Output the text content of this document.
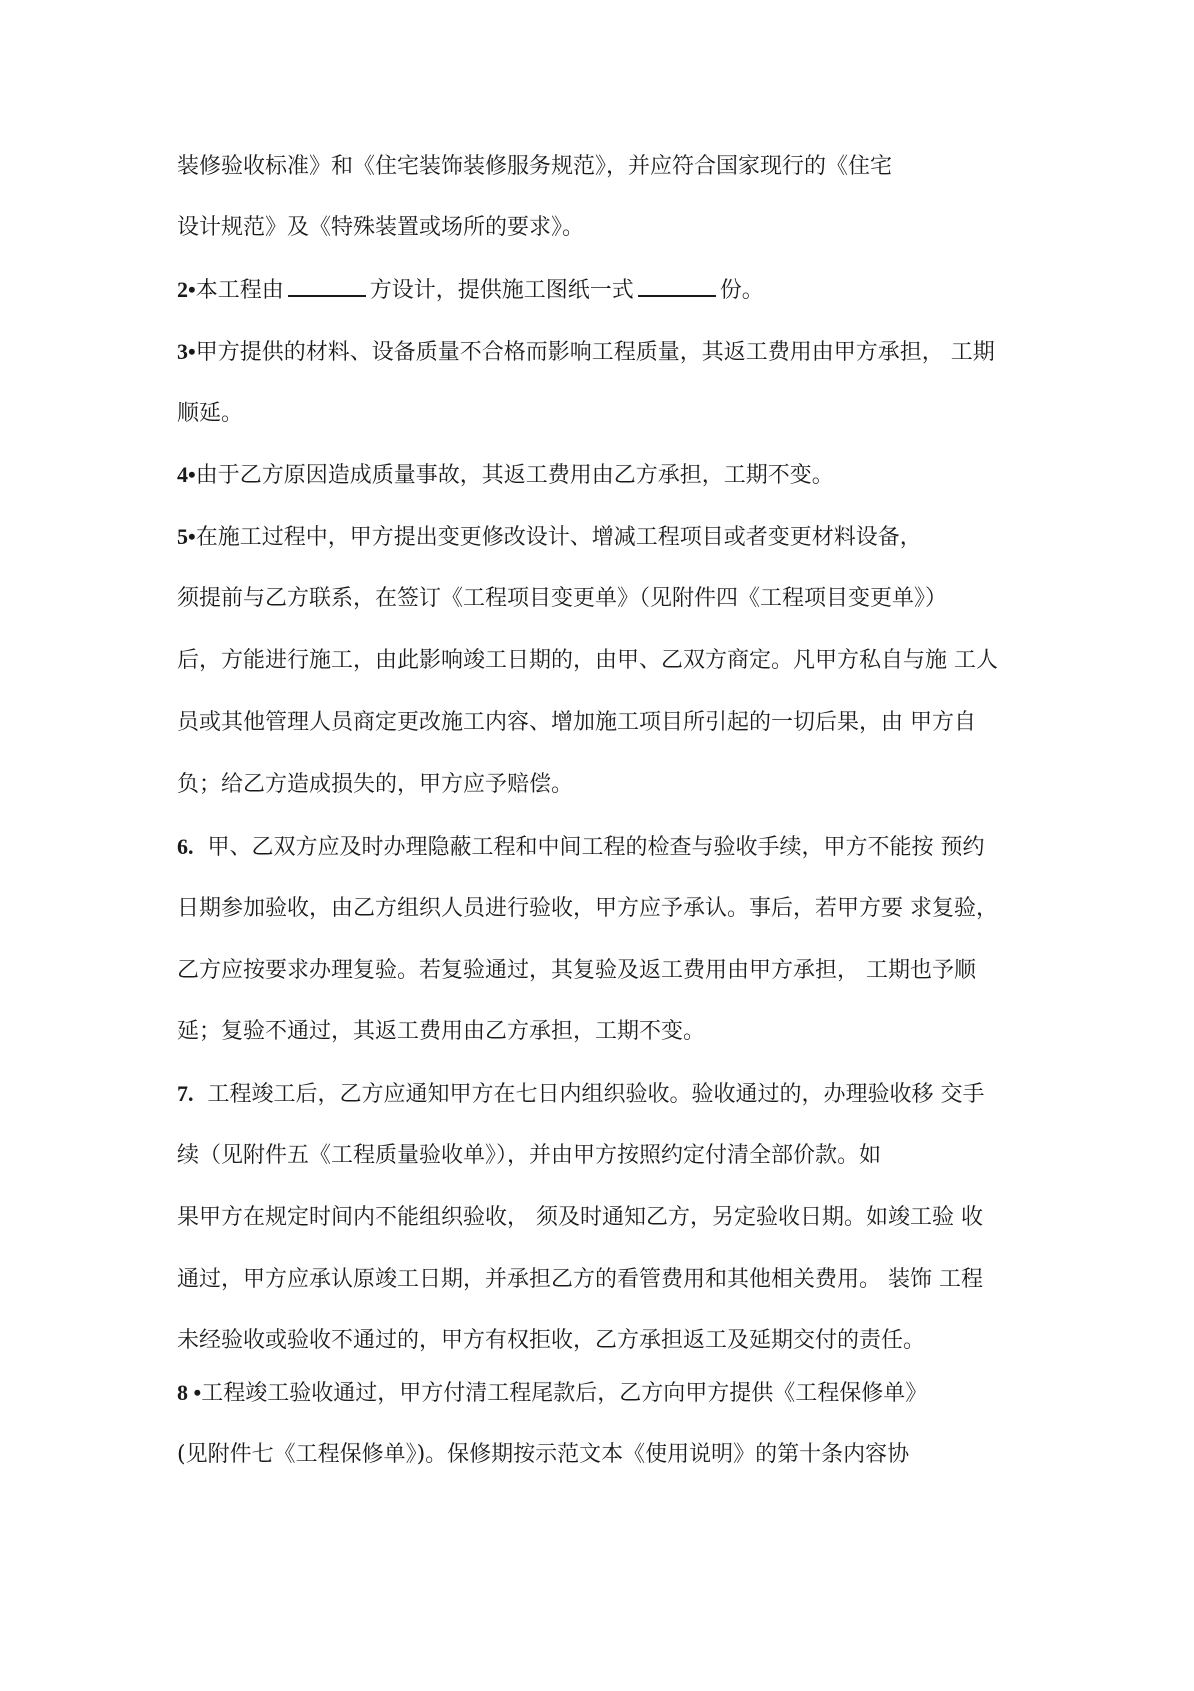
装修验收标准》和《住宅装饰装修服务规范》，并应符合国家现行的《住宅
设计规范》及《特殊装置或场所的要求》。
2•本工程由	方设计，提供施工图纸一式	份。
3•甲方提供的材料、设备质量不合格而影响工程质量，其返工费用由甲方承担， 工期
顺延。
4•由于乙方原因造成质量事故，其返工费用由乙方承担，工期不变。
5•在施工过程中，甲方提出变更修改设计、增减工程项目或者变更材料设备，
须提前与乙方联系，在签订《工程项目变更单》（见附件四《工程项目变更单》）
后，方能进行施工，由此影响竣工日期的，由甲、乙双方商定。凡甲方私自与施 工人
员或其他管理人员商定更改施工内容、增加施工项目所引起的一切后果，由 甲方自
负；给乙方造成损失的，甲方应予赔偿。
6. 甲、乙双方应及时办理隐蔽工程和中间工程的检查与验收手续，甲方不能按 预约
日期参加验收，由乙方组织人员进行验收，甲方应予承认。事后，若甲方要 求复验，
乙方应按要求办理复验。若复验通过，其复验及返工费用由甲方承担， 工期也予顺
延；复验不通过，其返工费用由乙方承担，工期不变。
7. 工程竣工后，乙方应通知甲方在七日内组织验收。验收通过的，办理验收移 交手
续（见附件五《工程质量验收单》），并由甲方按照约定付清全部价款。如
果甲方在规定时间内不能组织验收， 须及时通知乙方，另定验收日期。如竣工验 收
通过，甲方应承认原竣工日期，并承担乙方的看管费用和其他相关费用。 装饰 工程
未经验收或验收不通过的，甲方有权拒收，乙方承担返工及延期交付的责任。
8 •工程竣工验收通过，甲方付清工程尾款后，乙方向甲方提供《工程保修单》
(见附件七《工程保修单》)。保修期按示范文本《使用说明》的第十条内容协
